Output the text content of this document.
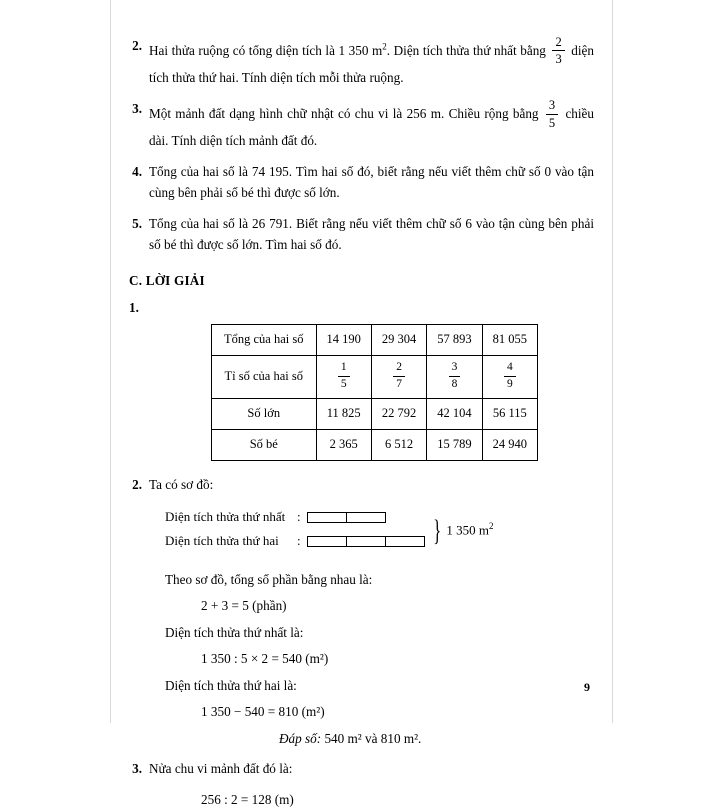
2. Hai thửa ruộng có tổng diện tích là 1 350 $m^2$. Diện tích thửa thứ nhất bằng $\frac{2}{3}$ diện tích thửa thứ hai. Tính diện tích mỗi thửa ruộng.
3. Một mảnh đất dạng hình chữ nhật có chu vi là 256 m. Chiều rộng bằng $\frac{3}{5}$ chiều dài. Tính diện tích mảnh đất đó.
4. Tổng của hai số là 74 195. Tìm hai số đó, biết rằng nếu viết thêm chữ số 0 vào tận cùng bên phải số bé thì được số lớn.
5. Tổng của hai số là 26 791. Biết rằng nếu viết thêm chữ số 6 vào tận cùng bên phải số bé thì được số lớn. Tìm hai số đó.
C. LỜI GIẢI
1.
Tổng của hai số	14 190	29 304	57 893	81 055
Tỉ số của hai số	$\frac{1}{5}$	$\frac{2}{7}$	$\frac{3}{8}$	$\frac{4}{9}$

Số lớn	11 825	22 792	42 104	56 115
Số bé	2 365	6 512	15 789	24 940
2. Ta có sơ đồ:
Diện tích thửa thứ nhất :
Diện tích thửa thứ hai	:	} 1 350 $m^2$
Theo sơ đồ, tổng số phần bằng nhau là:
2 + 3 = 5 (phần)
Diện tích thửa thứ nhất là:
1 350 : 5 × 2 = 540 (m²)
Diện tích thửa thứ hai là:
1 350 − 540 = 810 (m²)
Đáp số: 540 m² và 810 m².
3. Nửa chu vi mảnh đất đó là:
256 : 2 = 128 (m)
9
